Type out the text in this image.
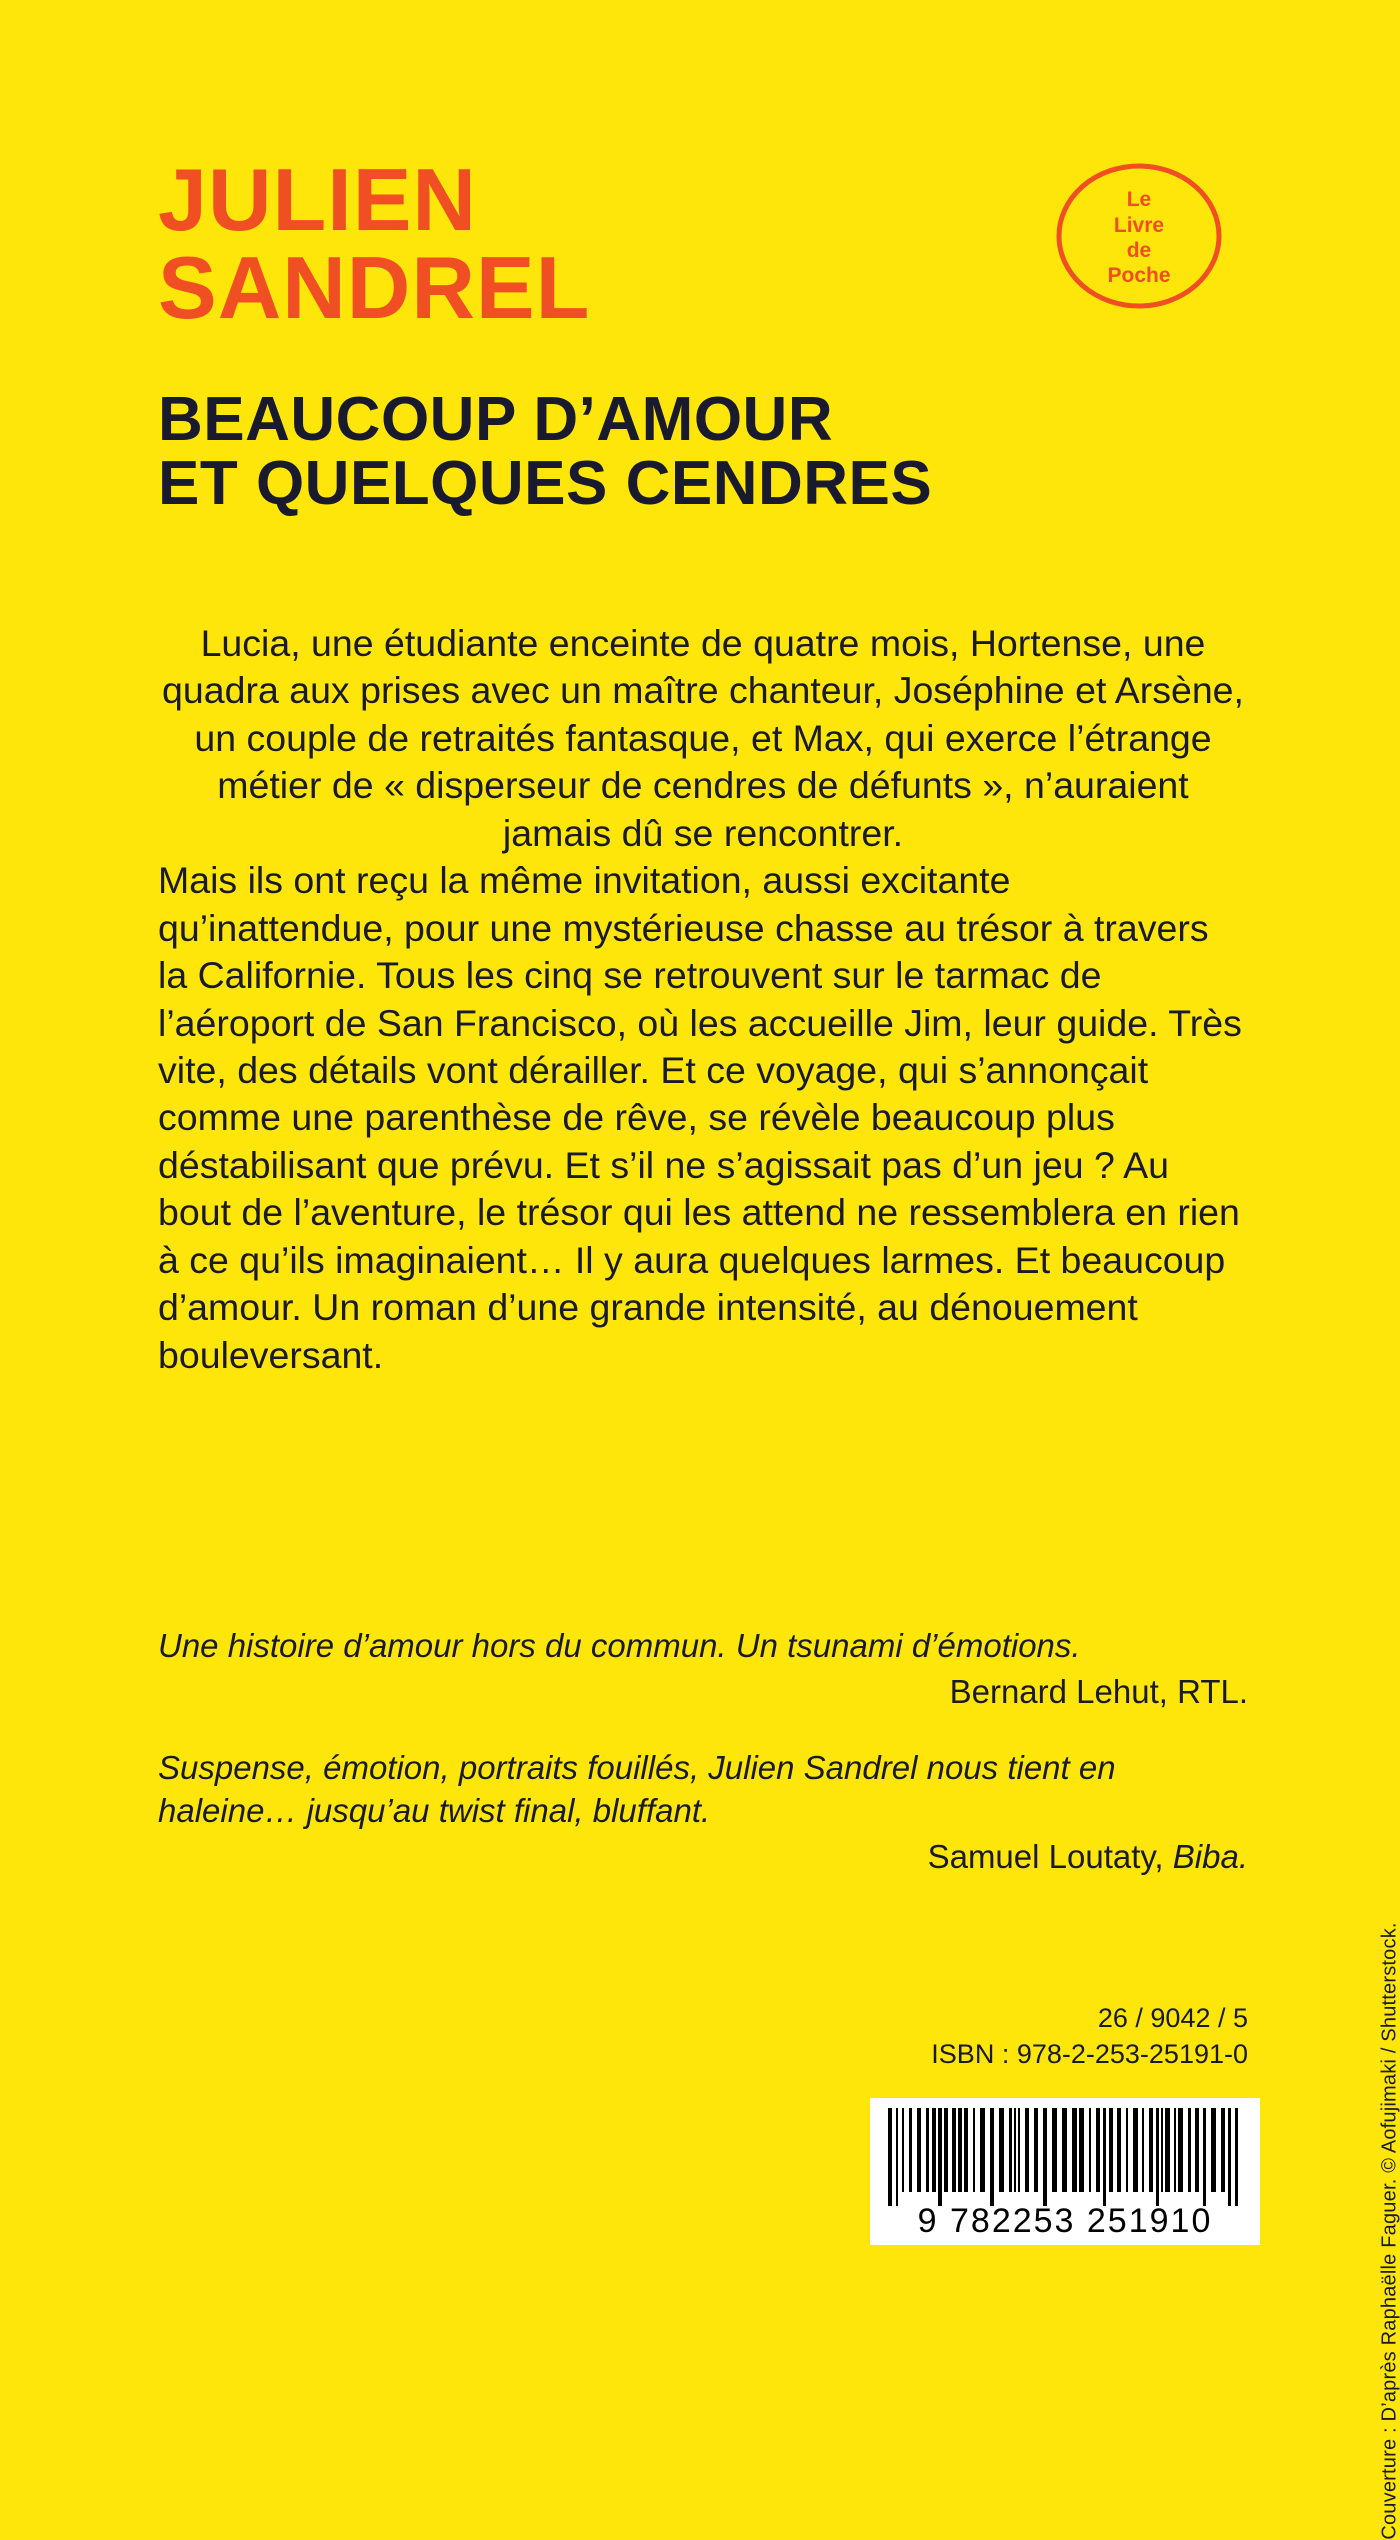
Le
Livre
de
Poche
JULIEN
SANDREL
BEAUCOUP D’AMOUR
ET QUELQUES CENDRES

Lucia, une étudiante enceinte de quatre mois, Hortense, une quadra aux prises avec un maître chanteur, Joséphine et Arsène, un couple de retraités fantasque, et Max, qui exerce l’étrange métier de « disperseur de cendres de défunts », n’auraient jamais dû se rencontrer.

Mais ils ont reçu la même invitation, aussi excitante qu’inattendue, pour une mystérieuse chasse au trésor à travers la Californie. Tous les cinq se retrouvent sur le tarmac de l’aéroport de San Francisco, où les accueille Jim, leur guide. Très vite, des détails vont dérailler. Et ce voyage, qui s’annonçait comme une parenthèse de rêve, se révèle beaucoup plus déstabilisant que prévu. Et s’il ne s’agissait pas d’un jeu ? Au bout de l’aventure, le trésor qui les attend ne ressemblera en rien à ce qu’ils imaginaient… Il y aura quelques larmes. Et beaucoup d’amour. Un roman d’une grande intensité, au dénouement bouleversant.

Une histoire d’amour hors du commun. Un tsunami d’émotions.
Bernard Lehut, RTL.
Suspense, émotion, portraits fouillés, Julien Sandrel nous tient en haleine… jusqu’au twist final, bluffant.
Samuel Loutaty, Biba.
Couverture : D’après Raphaëlle Faguer. © Aofujimaki / Shutterstock.
26 / 9042 / 5
ISBN : 978-2-253-25191-0
9 782253 251910
